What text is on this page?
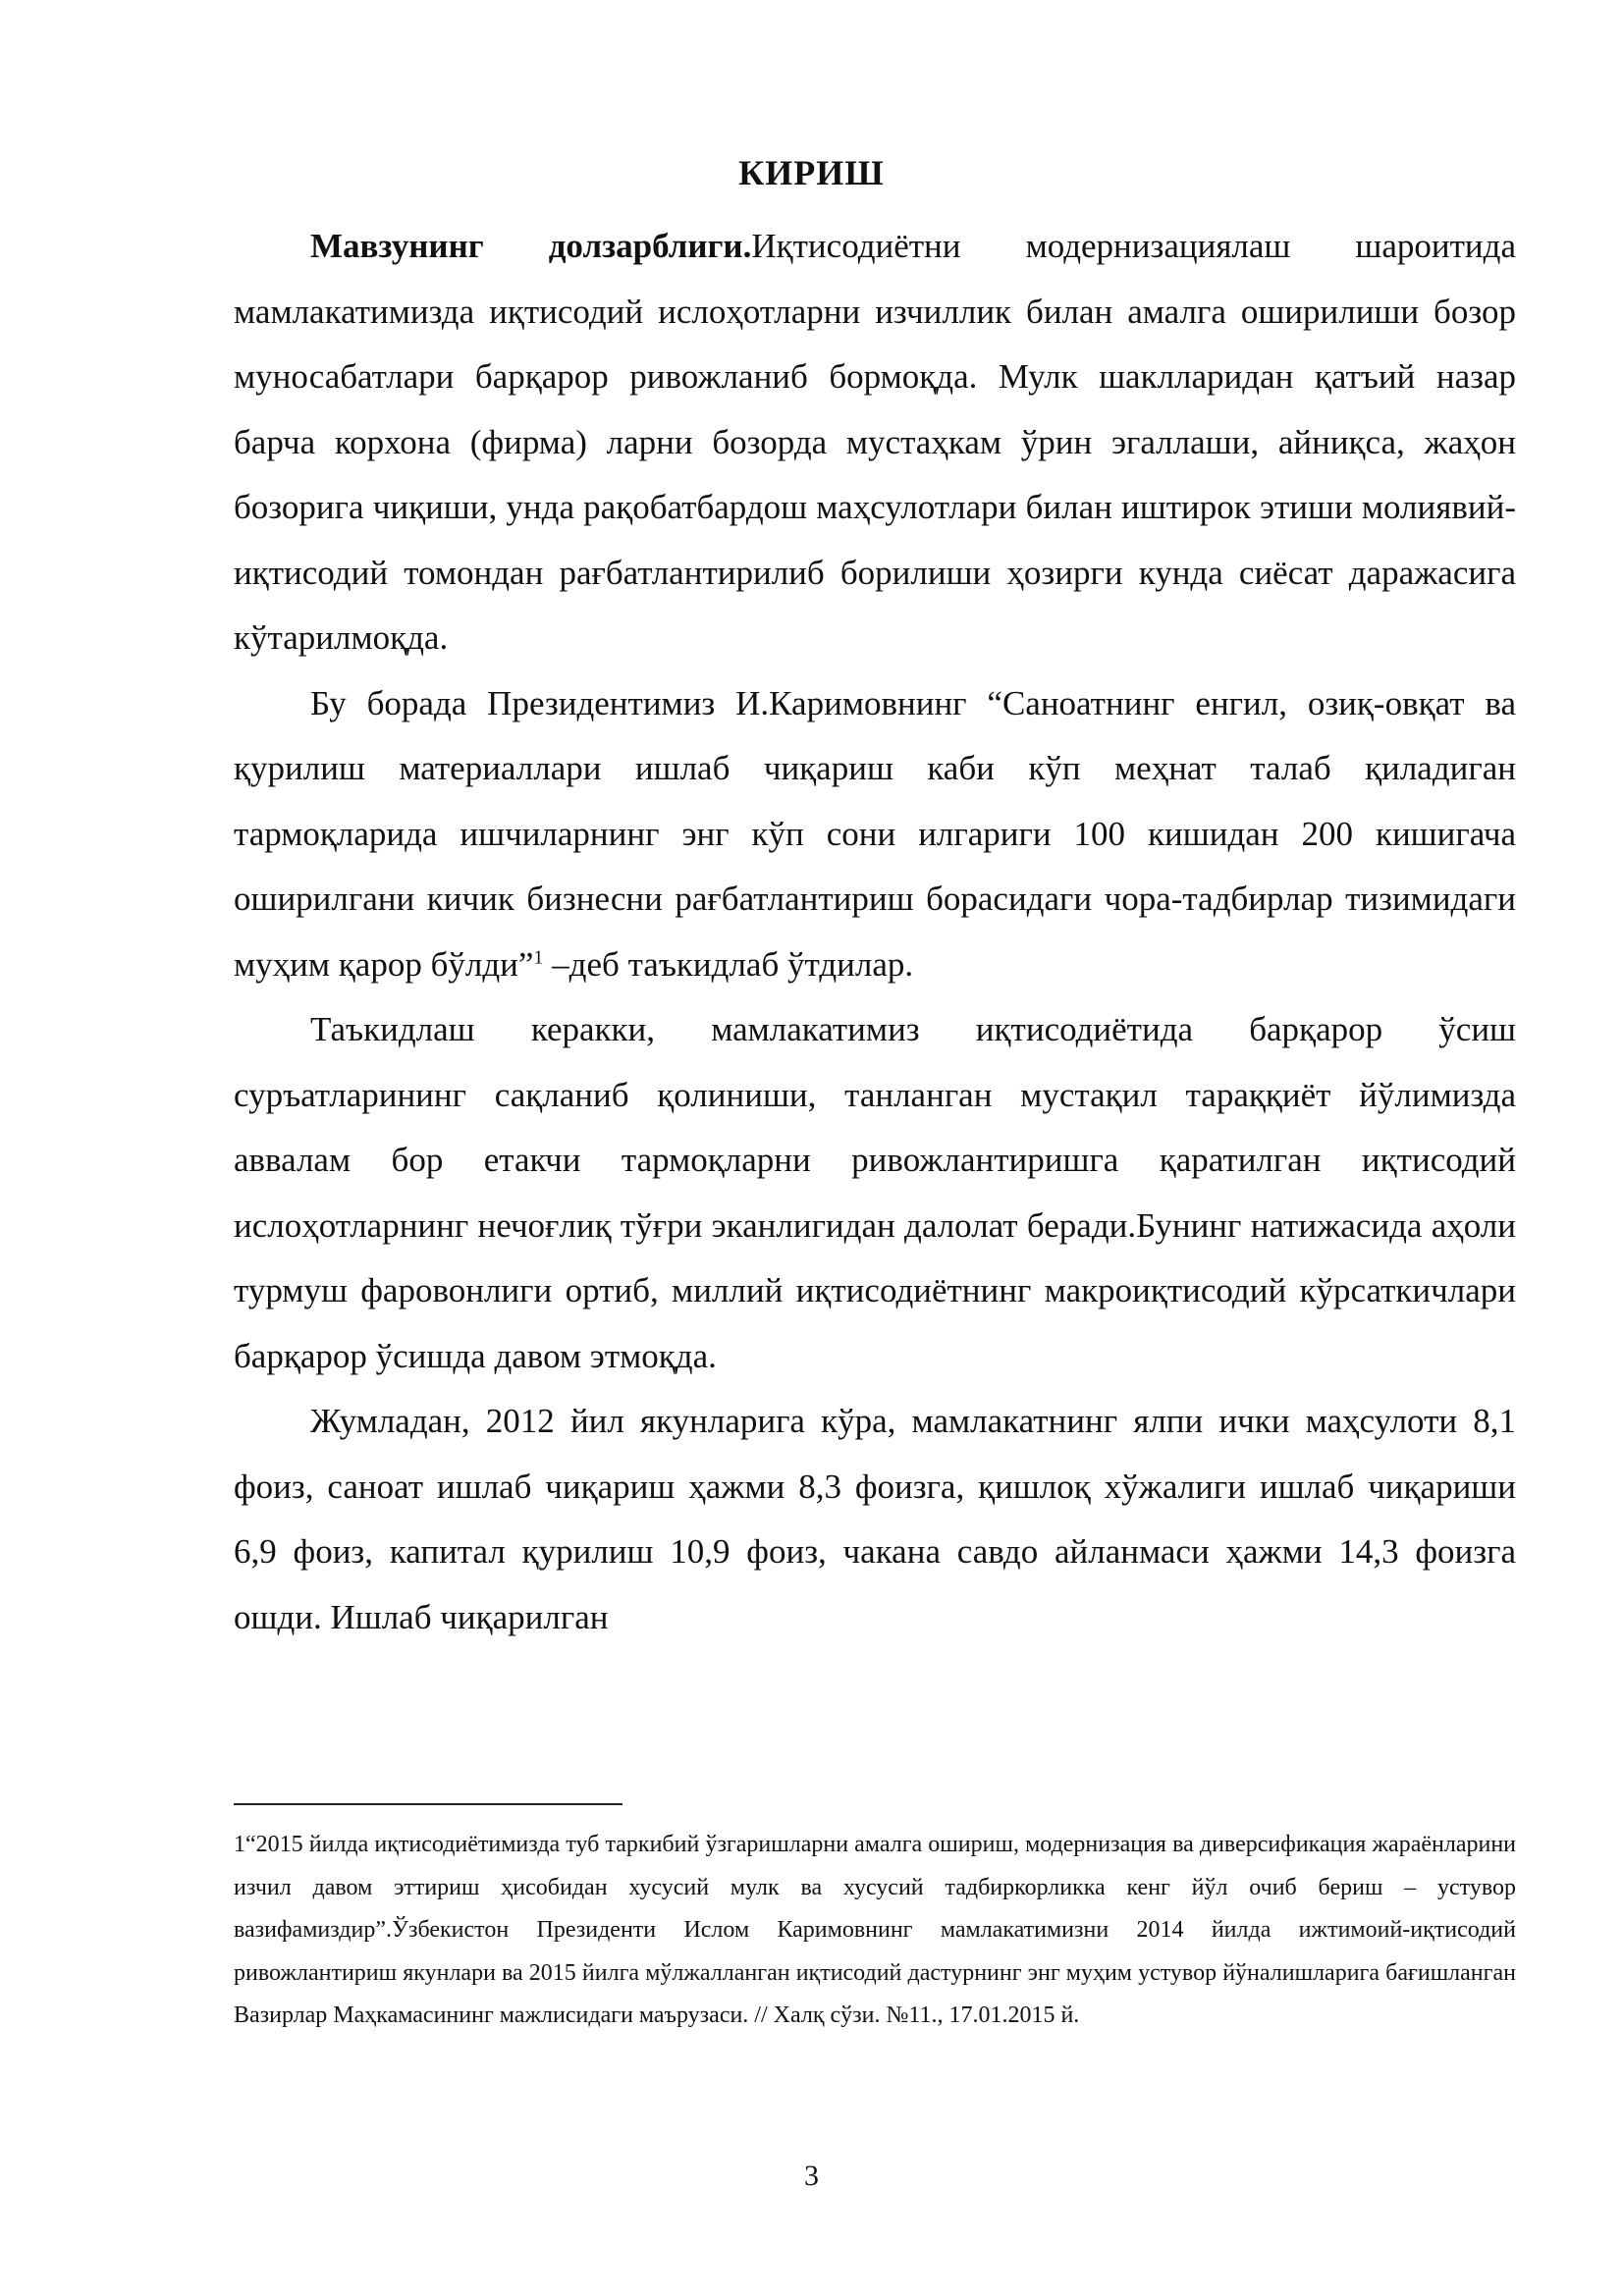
КИРИШ

Мавзунинг долзарблиги.Иқтисодиётни модернизациялаш шароитида мамлакатимизда иқтисодий ислоҳотларни изчиллик билан амалга оширилиши бозор муносабатлари барқарор ривожланиб бормоқда. Мулк шаклларидан қатъий назар барча корхона (фирма) ларни бозорда мустаҳкам ўрин эгаллаши, айниқса, жаҳон бозорига чиқиши, унда рақобатбардош маҳсулотлари билан иштирок этиши молиявий-иқтисодий томондан рағбатлантирилиб борилиши ҳозирги кунда сиёсат даражасига кўтарилмоқда.

Бу борада Президентимиз И.Каримовнинг “Саноатнинг енгил, озиқ-овқат ва қурилиш материаллари ишлаб чиқариш каби кўп меҳнат талаб қиладиган тармоқларида ишчиларнинг энг кўп сони илгариги 100 кишидан 200 кишигача оширилгани кичик бизнесни рағбатлантириш борасидаги чора-тадбирлар тизимидаги муҳим қарор бўлди”$^1$ –деб таъкидлаб ўтдилар.

Таъкидлаш керакки, мамлакатимиз иқтисодиётида барқарор ўсиш суръатларининг сақланиб қолиниши, танланган мустақил тараққиёт йўлимизда аввалам бор етакчи тармоқларни ривожлантиришга қаратилган иқтисодий ислоҳотларнинг нечоғлиқ тўғри эканлигидан далолат беради.Бунинг натижасида аҳоли турмуш фаровонлиги ортиб, миллий иқтисодиётнинг макроиқтисодий кўрсаткичлари барқарор ўсишда давом этмоқда.

Жумладан, 2012 йил якунларига кўра, мамлакатнинг ялпи ички маҳсулоти 8,1 фоиз, саноат ишлаб чиқариш ҳажми 8,3 фоизга, қишлоқ хўжалиги ишлаб чиқариши 6,9 фоиз, капитал қурилиш 10,9 фоиз, чакана савдо айланмаси ҳажми 14,3 фоизга ошди. Ишлаб чиқарилган

1“2015 йилда иқтисодиётимизда туб таркибий ўзгаришларни амалга ошириш, модернизация ва диверсификация жараёнларини изчил давом эттириш ҳисобидан хусусий мулк ва хусусий тадбиркорликка кенг йўл очиб бериш – устувор вазифамиздир”.Ўзбекистон Президенти Ислом Каримовнинг мамлакатимизни 2014 йилда ижтимоий-иқтисодий ривожлантириш якунлари ва 2015 йилга мўлжалланган иқтисодий дастурнинг энг муҳим устувор йўналишларига бағишланган Вазирлар Маҳкамасининг мажлисидаги маърузаси. // Халқ сўзи. №11., 17.01.2015 й.
3
